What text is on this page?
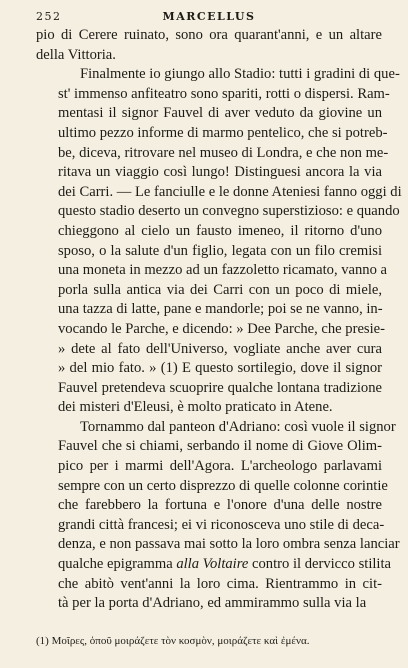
252	MARCELLUS
pio di Cerere ruinato, sono ora quarant'anni, e un altare
della Vittoria.
Finalmente io giungo allo Stadio: tutti i gradini di que-
st' immenso anfiteatro sono spariti, rotti o dispersi. Ram-
mentasi il signor Fauvel di aver veduto da giovine un
ultimo pezzo informe di marmo pentelico, che si potreb-
be, diceva, ritrovare nel museo di Londra, e che non me-
ritava un viaggio così lungo! Distinguesi ancora la via
dei Carri. — Le fanciulle e le donne Ateniesi fanno oggi di
questo stadio deserto un convegno superstizioso: e quando
chieggono al cielo un fausto imeneo, il ritorno d'uno
sposo, o la salute d'un figlio, legata con un filo cremisi
una moneta in mezzo ad un fazzoletto ricamato, vanno a
porla sulla antica via dei Carri con un poco di miele,
una tazza di latte, pane e mandorle; poi se ne vanno, in-
vocando le Parche, e dicendo: » Dee Parche, che presie-
» dete al fato dell'Universo, vogliate anche aver cura
» del mio fato. » (1) E questo sortilegio, dove il signor
Fauvel pretendeva scuoprire qualche lontana tradizione
dei misteri d'Eleusi, è molto praticato in Atene.
Tornammo dal panteon d'Adriano: così vuole il signor
Fauvel che si chiami, serbando il nome di Giove Olim-
pico per i marmi dell'Agora. L'archeologo parlavami
sempre con un certo disprezzo di quelle colonne corintie
che farebbero la fortuna e l'onore d'una delle nostre
grandi città francesi; ei vi riconosceva uno stile di deca-
denza, e non passava mai sotto la loro ombra senza lanciar
qualche epigramma alla Voltaire contro il dervicco stilita
che abitò vent'anni la loro cima. Rientrammo in cit-
tà per la porta d'Adriano, ed ammirammo sulla via la
(1) Μοῖρες, ὁποῦ μοιράζετε τὸν κοσμὸν, μοιράζετε καὶ ἐμένα.
